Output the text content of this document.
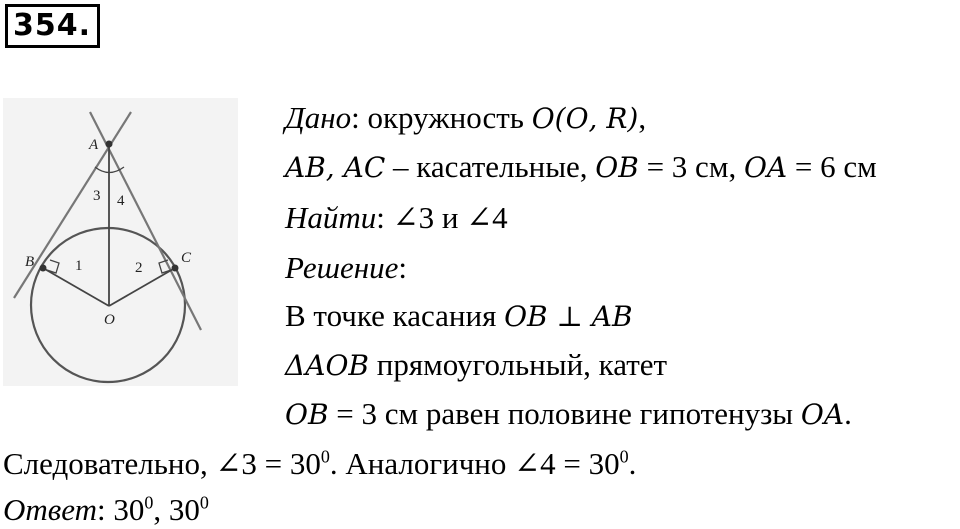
354.
A
B	C
O
1	2
3 4
Дано: окружность 𝑂(𝑂, 𝑅),
𝐴𝐵, 𝐴𝐶 – касательные, 𝑂𝐵 = 3 см, 𝑂𝐴 = 6 см
Найти: ∠3 и ∠4
Решение:
В точке касания 𝑂𝐵 ⊥ 𝐴𝐵
Δ𝐴𝑂𝐵 прямоугольный, катет
𝑂𝐵 = 3 см равен половине гипотенузы 𝑂𝐴.
Следовательно, ∠3 = $30^0$. Аналогично ∠4 = $30^0$.
Ответ: $30^0$, $30^0$
